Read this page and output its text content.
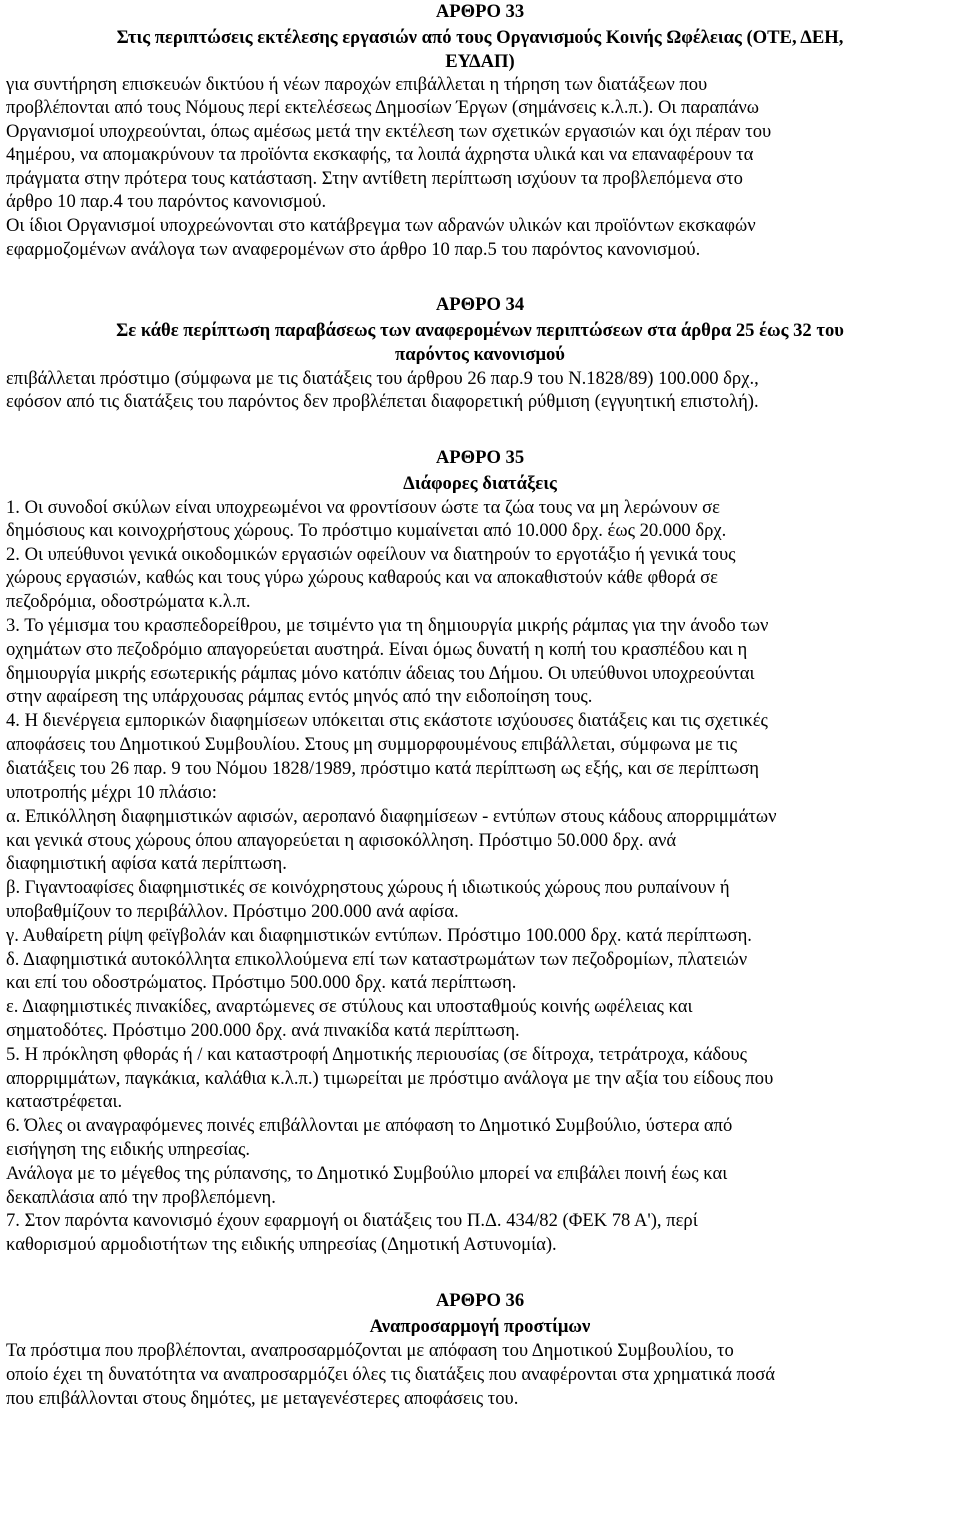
ΑΡΘΡΟ 33
Στις περιπτώσεις εκτέλεσης εργασιών από τους Οργανισμούς Κοινής Ωφέλειας (ΟΤΕ, ΔΕΗ,
ΕΥΔΑΠ)
για συντήρηση επισκευών δικτύου ή νέων παροχών επιβάλλεται η τήρηση των διατάξεων που
προβλέπονται από τους Νόμους περί εκτελέσεως Δημοσίων Έργων (σημάνσεις κ.λ.π.). Οι παραπάνω
Οργανισμοί υποχρεούνται, όπως αμέσως μετά την εκτέλεση των σχετικών εργασιών και όχι πέραν του
4ημέρου, να απομακρύνουν τα προϊόντα εκσκαφής, τα λοιπά άχρηστα υλικά και να επαναφέρουν τα
πράγματα στην πρότερα τους κατάσταση. Στην αντίθετη περίπτωση ισχύουν τα προβλεπόμενα στο
άρθρο 10 παρ.4 του παρόντος κανονισμού.
Οι ίδιοι Οργανισμοί υποχρεώνονται στο κατάβρεγμα των αδρανών υλικών και προϊόντων εκσκαφών
εφαρμοζομένων ανάλογα των αναφερομένων στο άρθρο 10 παρ.5 του παρόντος κανονισμού.
ΑΡΘΡΟ 34
Σε κάθε περίπτωση παραβάσεως των αναφερομένων περιπτώσεων στα άρθρα 25 έως 32 του
παρόντος κανονισμού
επιβάλλεται πρόστιμο (σύμφωνα με τις διατάξεις του άρθρου 26 παρ.9 του Ν.1828/89) 100.000 δρχ.,
εφόσον από τις διατάξεις του παρόντος δεν προβλέπεται διαφορετική ρύθμιση (εγγυητική επιστολή).
ΑΡΘΡΟ 35
Διάφορες διατάξεις
1. Οι συνοδοί σκύλων είναι υποχρεωμένοι να φροντίσουν ώστε τα ζώα τους να μη λερώνουν σε
δημόσιους και κοινοχρήστους χώρους. Το πρόστιμο κυμαίνεται από 10.000 δρχ. έως 20.000 δρχ.
2. Οι υπεύθυνοι γενικά οικοδομικών εργασιών οφείλουν να διατηρούν το εργοτάξιο ή γενικά τους
χώρους εργασιών, καθώς και τους γύρω χώρους καθαρούς και να αποκαθιστούν κάθε φθορά σε
πεζοδρόμια, οδοστρώματα κ.λ.π.
3. Το γέμισμα του κρασπεδορείθρου, με τσιμέντο για τη δημιουργία μικρής ράμπας για την άνοδο των
οχημάτων στο πεζοδρόμιο απαγορεύεται αυστηρά. Είναι όμως δυνατή η κοπή του κρασπέδου και η
δημιουργία μικρής εσωτερικής ράμπας μόνο κατόπιν άδειας του Δήμου. Οι υπεύθυνοι υποχρεούνται
στην αφαίρεση της υπάρχουσας ράμπας εντός μηνός από την ειδοποίηση τους.
4. Η διενέργεια εμπορικών διαφημίσεων υπόκειται στις εκάστοτε ισχύουσες διατάξεις και τις σχετικές
αποφάσεις του Δημοτικού Συμβουλίου. Στους μη συμμορφουμένους επιβάλλεται, σύμφωνα με τις
διατάξεις του 26 παρ. 9 του Νόμου 1828/1989, πρόστιμο κατά περίπτωση ως εξής, και σε περίπτωση
υποτροπής μέχρι 10 πλάσιο:
α. Επικόλληση διαφημιστικών αφισών, αεροπανό διαφημίσεων - εντύπων στους κάδους απορριμμάτων
και γενικά στους χώρους όπου απαγορεύεται η αφισοκόλληση. Πρόστιμο 50.000 δρχ. ανά
διαφημιστική αφίσα κατά περίπτωση.
β. Γιγαντοαφίσες διαφημιστικές σε κοινόχρηστους χώρους ή ιδιωτικούς χώρους που ρυπαίνουν ή
υποβαθμίζουν το περιβάλλον. Πρόστιμο 200.000 ανά αφίσα.
γ. Αυθαίρετη ρίψη φεϊγβολάν και διαφημιστικών εντύπων. Πρόστιμο 100.000 δρχ. κατά περίπτωση.
δ. Διαφημιστικά αυτοκόλλητα επικολλούμενα επί των καταστρωμάτων των πεζοδρομίων, πλατειών
και επί του οδοστρώματος. Πρόστιμο 500.000 δρχ. κατά περίπτωση.
ε. Διαφημιστικές πινακίδες, αναρτώμενες σε στύλους και υποσταθμούς κοινής ωφέλειας και
σηματοδότες. Πρόστιμο 200.000 δρχ. ανά πινακίδα κατά περίπτωση.
5. Η πρόκληση φθοράς ή / και καταστροφή Δημοτικής περιουσίας (σε δίτροχα, τετράτροχα, κάδους
απορριμμάτων, παγκάκια, καλάθια κ.λ.π.) τιμωρείται με πρόστιμο ανάλογα με την αξία του είδους που
καταστρέφεται.
6. Όλες οι αναγραφόμενες ποινές επιβάλλονται με απόφαση το Δημοτικό Συμβούλιο, ύστερα από
εισήγηση της ειδικής υπηρεσίας.
Ανάλογα με το μέγεθος της ρύπανσης, το Δημοτικό Συμβούλιο μπορεί να επιβάλει ποινή έως και
δεκαπλάσια από την προβλεπόμενη.
7. Στον παρόντα κανονισμό έχουν εφαρμογή οι διατάξεις του Π.Δ. 434/82 (ΦΕΚ 78 Α'), περί
καθορισμού αρμοδιοτήτων της ειδικής υπηρεσίας (Δημοτική Αστυνομία).
ΑΡΘΡΟ 36
Αναπροσαρμογή προστίμων
Τα πρόστιμα που προβλέπονται, αναπροσαρμόζονται με απόφαση του Δημοτικού Συμβουλίου, το
οποίο έχει τη δυνατότητα να αναπροσαρμόζει όλες τις διατάξεις που αναφέρονται στα χρηματικά ποσά
που επιβάλλονται στους δημότες, με μεταγενέστερες αποφάσεις του.
